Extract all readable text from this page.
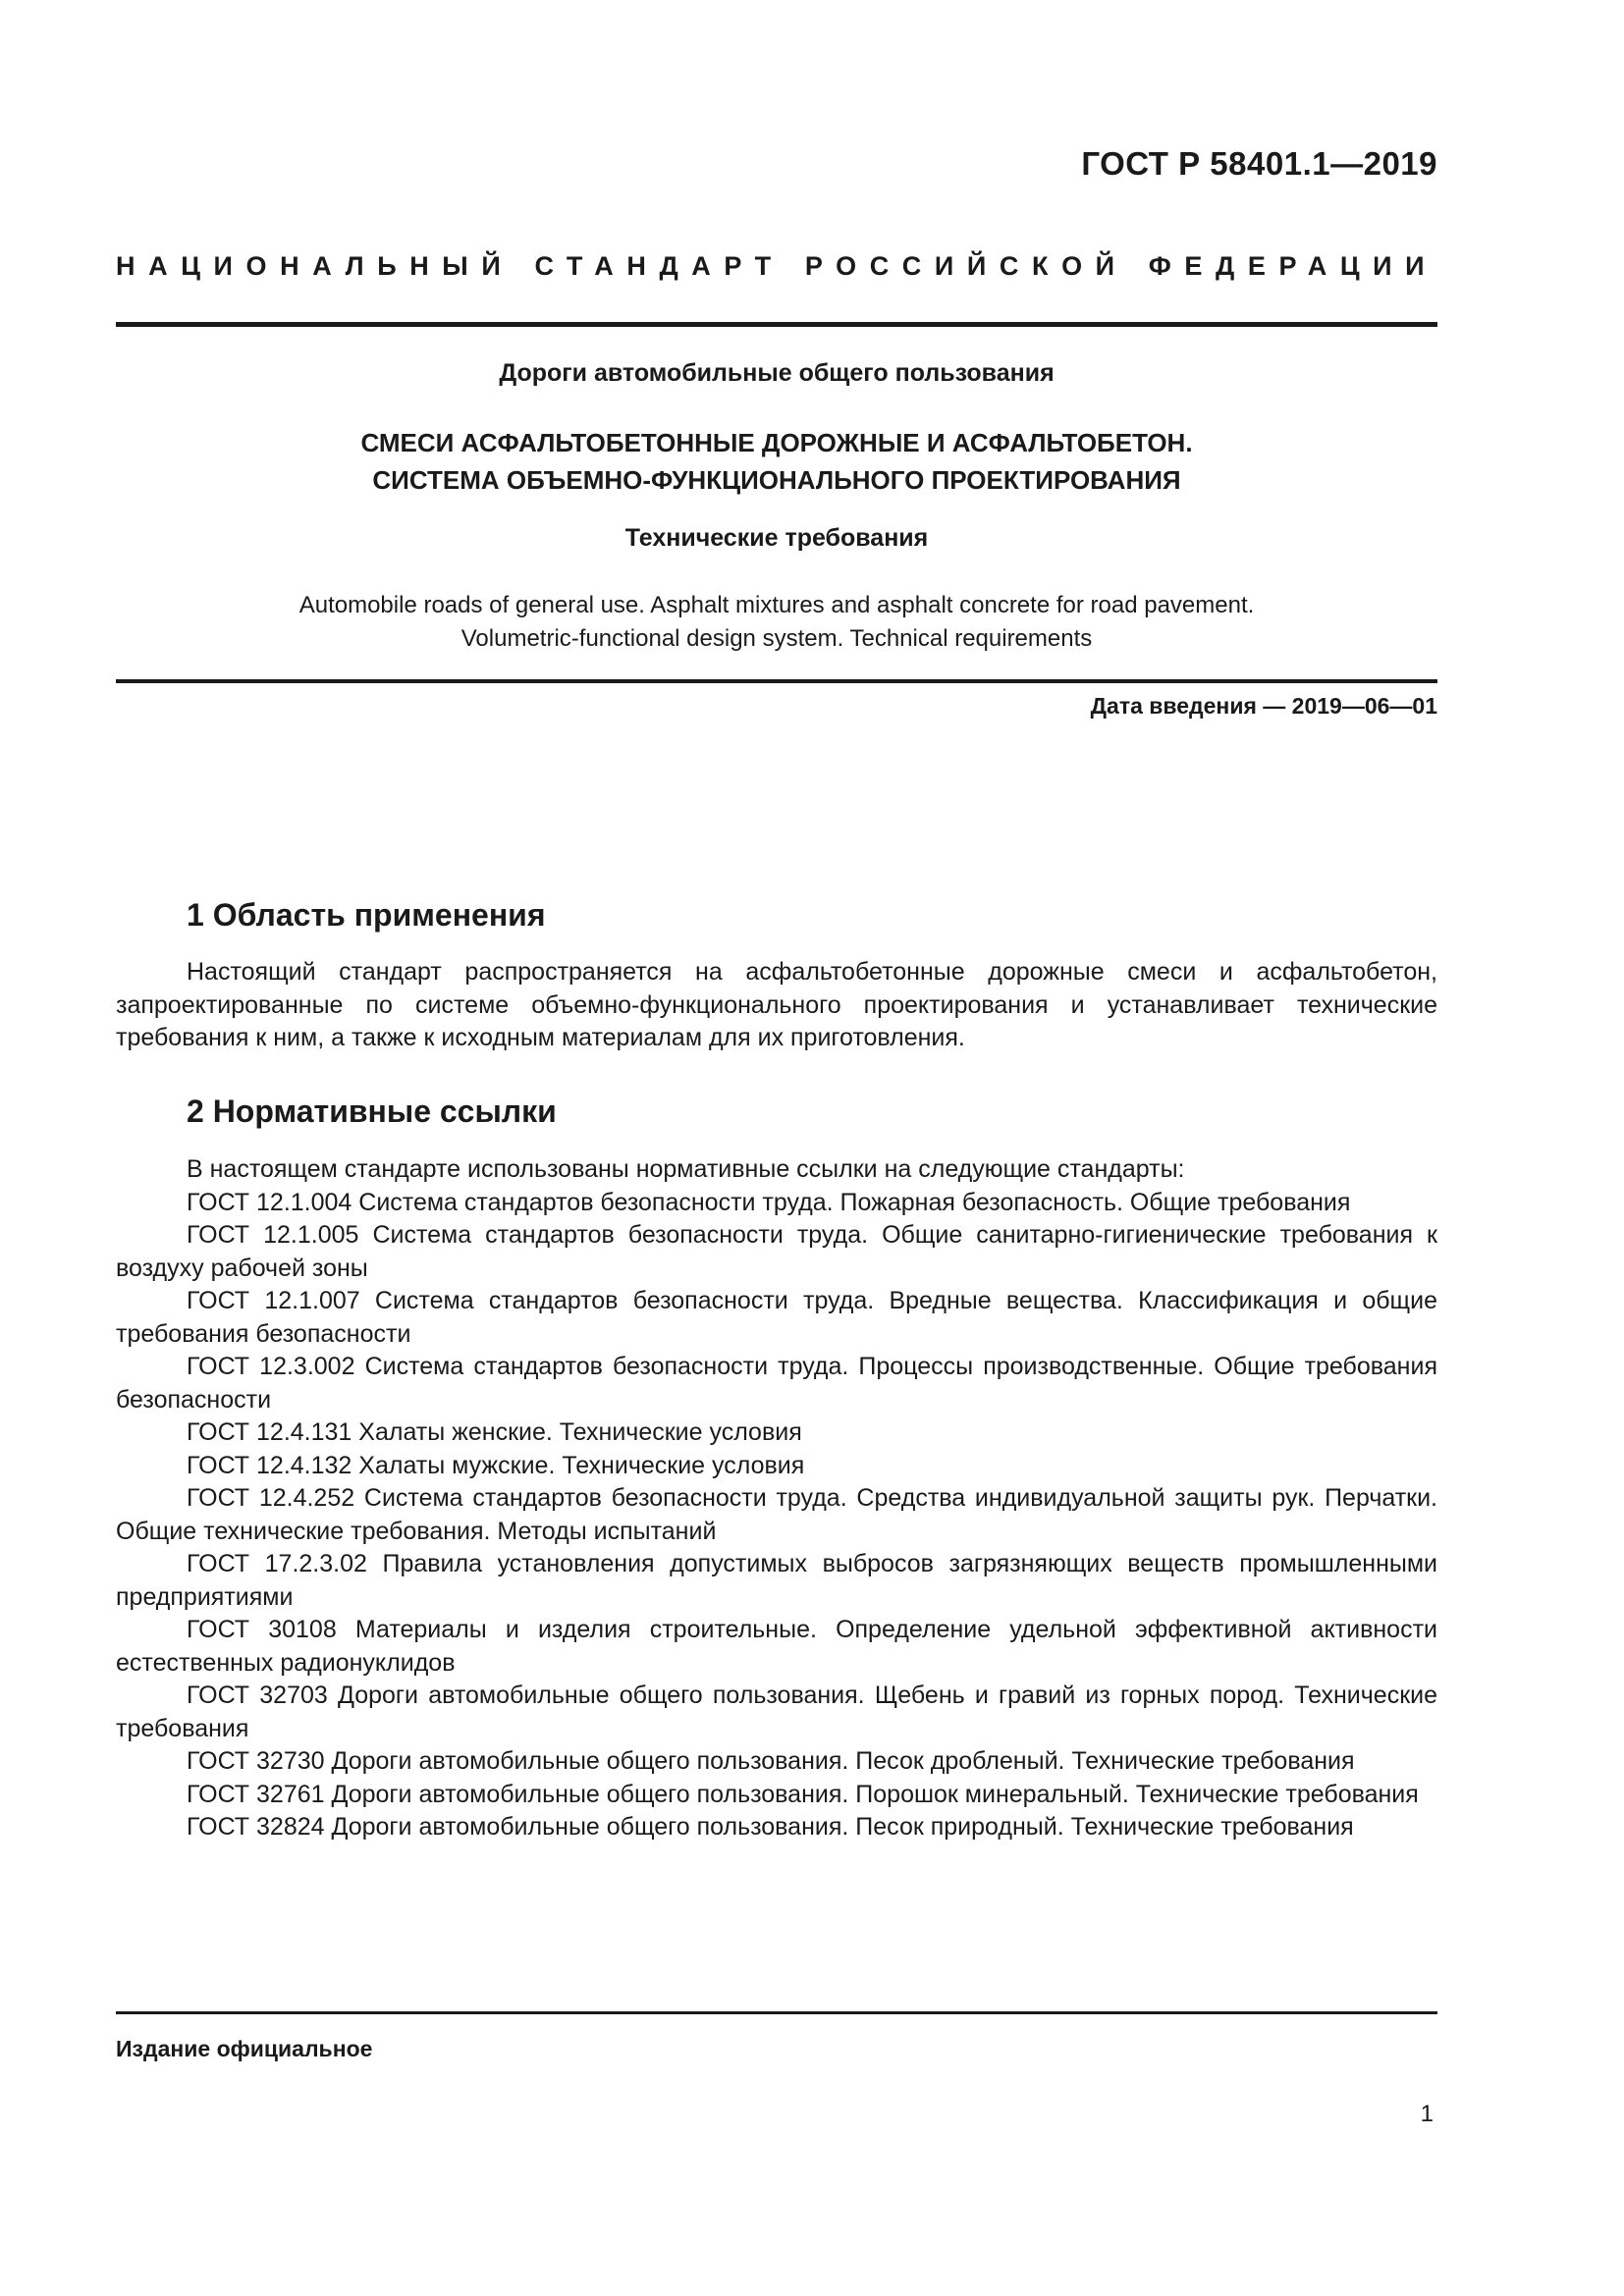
ГОСТ Р 58401.1—2019
НАЦИОНАЛЬНЫЙ СТАНДАРТ РОССИЙСКОЙ ФЕДЕРАЦИИ
Дороги автомобильные общего пользования
СМЕСИ АСФАЛЬТОБЕТОННЫЕ ДОРОЖНЫЕ И АСФАЛЬТОБЕТОН.
СИСТЕМА ОБЪЕМНО-ФУНКЦИОНАЛЬНОГО ПРОЕКТИРОВАНИЯ
Технические требования
Automobile roads of general use. Asphalt mixtures and asphalt concrete for road pavement.
Volumetric-functional design system. Technical requirements
Дата введения — 2019—06—01
1 Область применения

Настоящий стандарт распространяется на асфальтобетонные дорожные смеси и асфальтобетон, запроектированные по системе объемно-функционального проектирования и устанавливает технические требования к ним, а также к исходным материалам для их приготовления.

2 Нормативные ссылки

В настоящем стандарте использованы нормативные ссылки на следующие стандарты:

ГОСТ 12.1.004 Система стандартов безопасности труда. Пожарная безопасность. Общие требования

ГОСТ 12.1.005 Система стандартов безопасности труда. Общие санитарно-гигиенические требования к воздуху рабочей зоны

ГОСТ 12.1.007 Система стандартов безопасности труда. Вредные вещества. Классификация и общие требования безопасности

ГОСТ 12.3.002 Система стандартов безопасности труда. Процессы производственные. Общие требования безопасности

ГОСТ 12.4.131 Халаты женские. Технические условия

ГОСТ 12.4.132 Халаты мужские. Технические условия

ГОСТ 12.4.252 Система стандартов безопасности труда. Средства индивидуальной защиты рук. Перчатки. Общие технические требования. Методы испытаний

ГОСТ 17.2.3.02 Правила установления допустимых выбросов загрязняющих веществ промышленными предприятиями

ГОСТ 30108 Материалы и изделия строительные. Определение удельной эффективной активности естественных радионуклидов

ГОСТ 32703 Дороги автомобильные общего пользования. Щебень и гравий из горных пород. Технические требования

ГОСТ 32730 Дороги автомобильные общего пользования. Песок дробленый. Технические требования

ГОСТ 32761 Дороги автомобильные общего пользования. Порошок минеральный. Технические требования

ГОСТ 32824 Дороги автомобильные общего пользования. Песок природный. Технические требования

Издание официальное
1
